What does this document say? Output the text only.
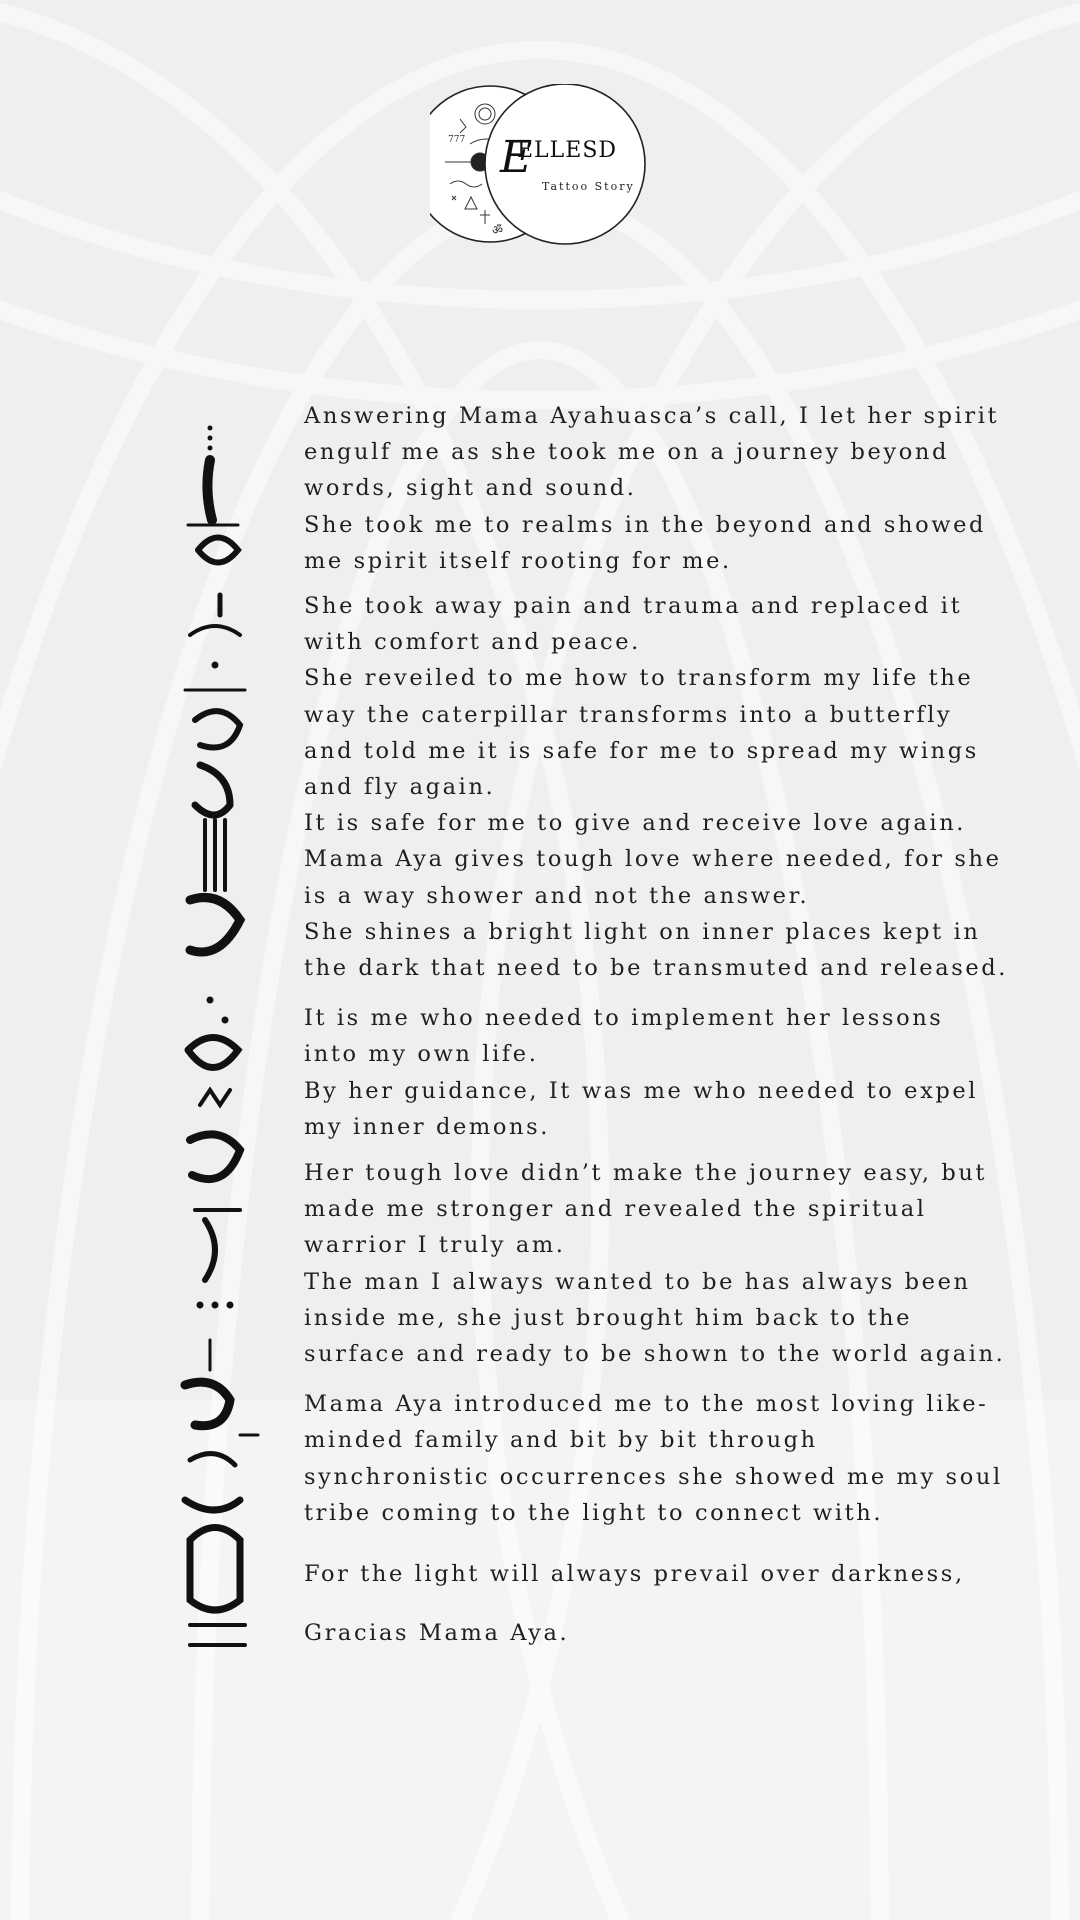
777
ॐ
E
ELLESD
Tattoo Story

Answering Mama Ayahuasca’s call, I let her spirit
engulf me as she took me on a journey beyond
words, sight and sound.
She took me to realms in the beyond and showed
me spirit itself rooting for me.

She took away pain and trauma and replaced it
with comfort and peace.
She reveiled to me how to transform my life the
way the caterpillar transforms into a butterfly
and told me it is safe for me to spread my wings
and fly again.
It is safe for me to give and receive love again.
Mama Aya gives tough love where needed, for she
is a way shower and not the answer.
She shines a bright light on inner places kept in
the dark that need to be transmuted and released.

It is me who needed to implement her lessons
into my own life.
By her guidance, It was me who needed to expel
my inner demons.

Her tough love didn’t make the journey easy, but
made me stronger and revealed the spiritual
warrior I truly am.
The man I always wanted to be has always been
inside me, she just brought him back to the
surface and ready to be shown to the world again.

Mama Aya introduced me to the most loving like-
minded family and bit by bit through
synchronistic occurrences she showed me my soul
tribe coming to the light to connect with.

For the light will always prevail over darkness,

Gracias Mama Aya.
